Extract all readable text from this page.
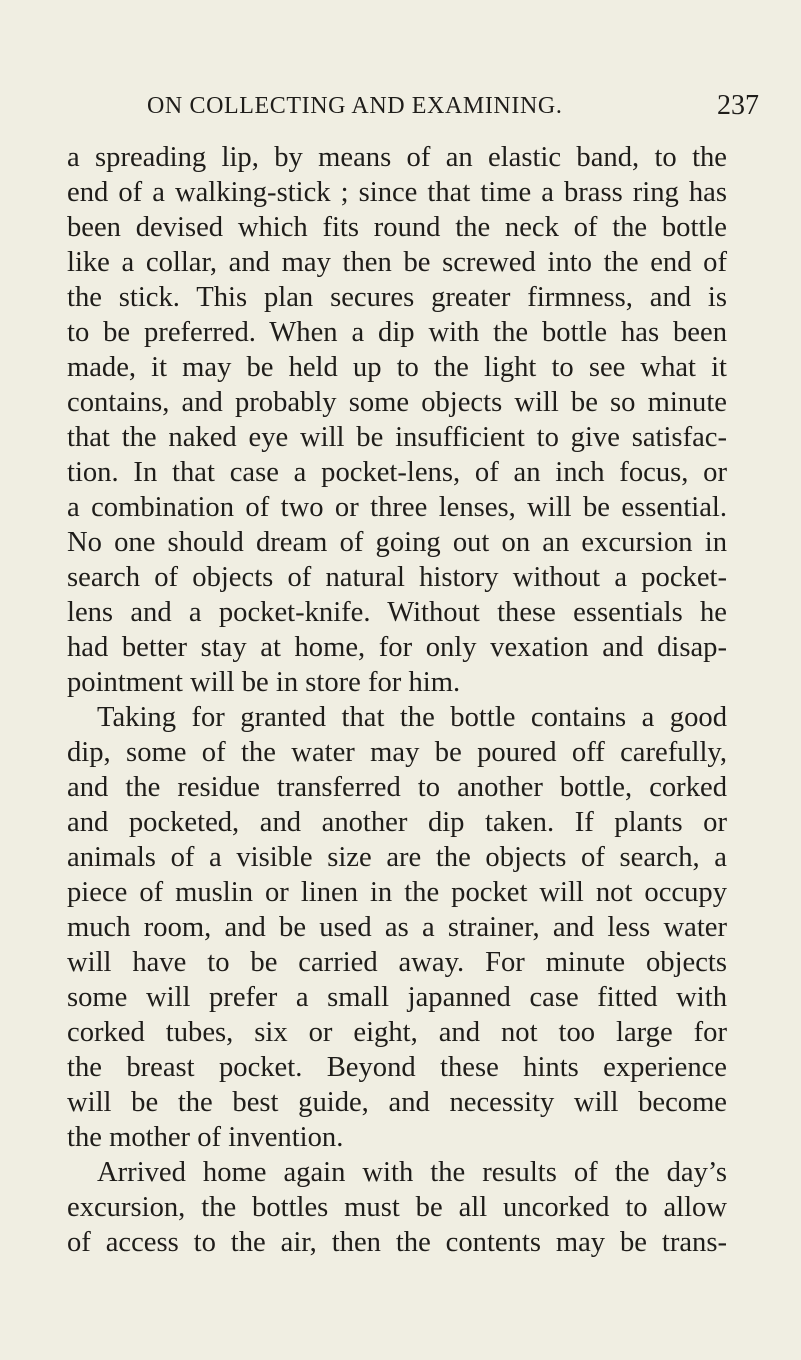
ON COLLECTING AND EXAMINING.	237
a spreading lip, by means of an elastic band, to the
end of a walking-stick ; since that time a brass ring has
been devised which fits round the neck of the bottle
like a collar, and may then be screwed into the end of
the stick. This plan secures greater firmness, and is
to be preferred. When a dip with the bottle has been
made, it may be held up to the light to see what it
contains, and probably some objects will be so minute
that the naked eye will be insufficient to give satisfac-
tion. In that case a pocket-lens, of an inch focus, or
a combination of two or three lenses, will be essential.
No one should dream of going out on an excursion in
search of objects of natural history without a pocket-
lens and a pocket-knife. Without these essentials he
had better stay at home, for only vexation and disap-
pointment will be in store for him.
Taking for granted that the bottle contains a good
dip, some of the water may be poured off carefully,
and the residue transferred to another bottle, corked
and pocketed, and another dip taken. If plants or
animals of a visible size are the objects of search, a
piece of muslin or linen in the pocket will not occupy
much room, and be used as a strainer, and less water
will have to be carried away. For minute objects
some will prefer a small japanned case fitted with
corked tubes, six or eight, and not too large for
the breast pocket. Beyond these hints experience
will be the best guide, and necessity will become
the mother of invention.
Arrived home again with the results of the day’s
excursion, the bottles must be all uncorked to allow
of access to the air, then the contents may be trans-
